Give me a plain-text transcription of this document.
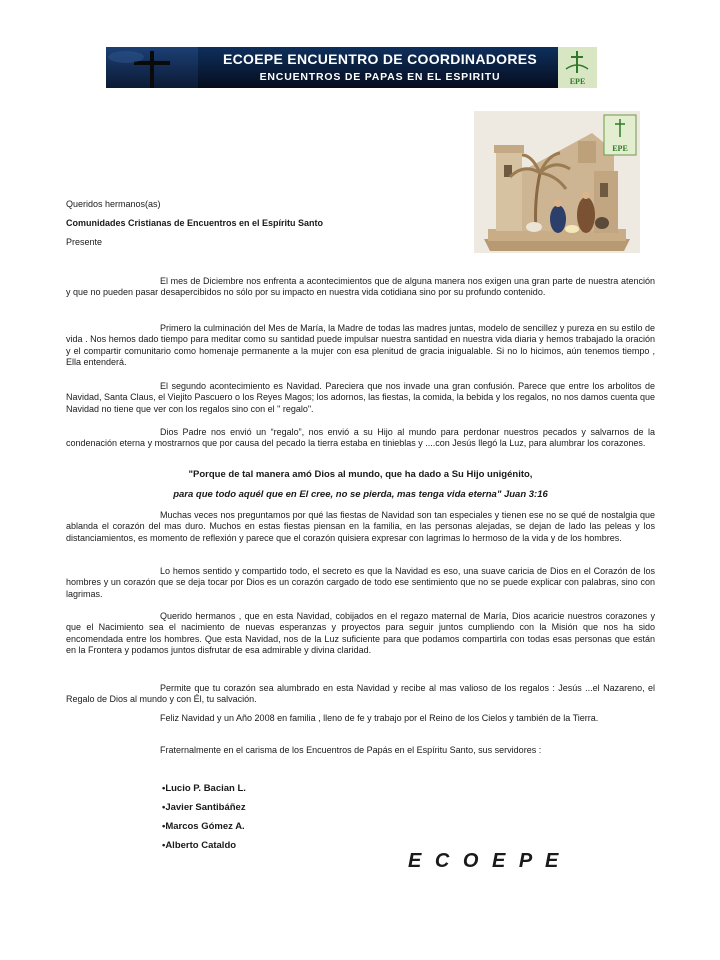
ECOEPE ENCUENTRO DE COORDINADORES
ENCUENTROS DE PAPAS EN EL ESPIRITU	EPE
EPE
Queridos hermanos(as)
Comunidades Cristianas de Encuentros en el Espíritu Santo
Presente

El mes de Diciembre nos enfrenta a acontecimientos que de alguna manera nos exigen una gran parte de nuestra atención y que no pueden pasar desapercibidos no sólo por su impacto en nuestra vida cotidiana sino por su profundo contenido.

Primero la culminación del Mes de María, la Madre de todas las madres juntas, modelo de sencillez y pureza en su estilo de vida . Nos hemos dado tiempo para meditar como su santidad puede impulsar nuestra santidad en nuestra vida diaria y hemos trabajado la oración y el compartir comunitario como homenaje permanente a la mujer con esa plenitud de gracia inigualable. Si no lo hicimos, aún tenemos tiempo , Ella entenderá.

El segundo acontecimiento es Navidad. Pareciera que nos invade una gran confusión. Parece que entre los arbolitos de Navidad, Santa Claus, el Viejito Pascuero o los Reyes Magos; los adornos, las fiestas, la comida, la bebida y los regalos, no nos damos cuenta que Navidad no tiene que ver con los regalos sino con el " regalo".

Dios Padre nos envió un “regalo”, nos envió a su Hijo al mundo para perdonar nuestros pecados y salvarnos de la condenación eterna y mostrarnos que por causa del pecado la tierra estaba en tinieblas y ....con Jesús llegó la Luz, para alumbrar los corazones.

"Porque de tal manera amó Dios al mundo, que ha dado a Su Hijo unigénito,
para que todo aquél que en El cree, no se pierda, mas tenga vida eterna" Juan 3:16

Muchas veces nos preguntamos por qué las fiestas de Navidad son tan especiales y tienen ese no se qué de nostalgia que ablanda el corazón del mas duro. Muchos en estas fiestas piensan en la familia, en las personas alejadas, se dejan de lado las peleas y los distanciamientos, es momento de reflexión y parece que el corazón quisiera expresar con lagrimas lo hermoso de la vida y de los hombres.

Lo hemos sentido y compartido todo, el secreto es que la Navidad es eso, una suave caricia de Dios en el Corazón de los hombres y un corazón que se deja tocar por Dios es un corazón cargado de todo ese sentimiento que no se puede explicar con palabras, sino con lagrimas.

Querido hermanos , que en esta Navidad, cobijados en el regazo maternal de María, Dios acaricie nuestros corazones y que el Nacimiento sea el nacimiento de nuevas esperanzas y proyectos para seguir juntos cumpliendo con la Misión que nos ha sido encomendada entre los hombres. Que esta Navidad, nos de la Luz suficiente para que podamos compartirla con todas esas personas que están en la Frontera y podamos juntos disfrutar de esa admirable y divina claridad.

Permite que tu corazón sea alumbrado en esta Navidad y recibe al mas valioso de los regalos : Jesús ...el Nazareno, el Regalo de Dios al mundo y con Él, tu salvación.

Feliz Navidad y un Año 2008 en familia , lleno de fe y trabajo por el Reino de los Cielos y también de la Tierra.

Fraternalmente en el carisma de los Encuentros de Papás en el Espíritu Santo, sus servidores :

•Lucio P. Bacian L.
•Javier Santibáñez
•Marcos Gómez A.
•Alberto Cataldo
E C O E P E
